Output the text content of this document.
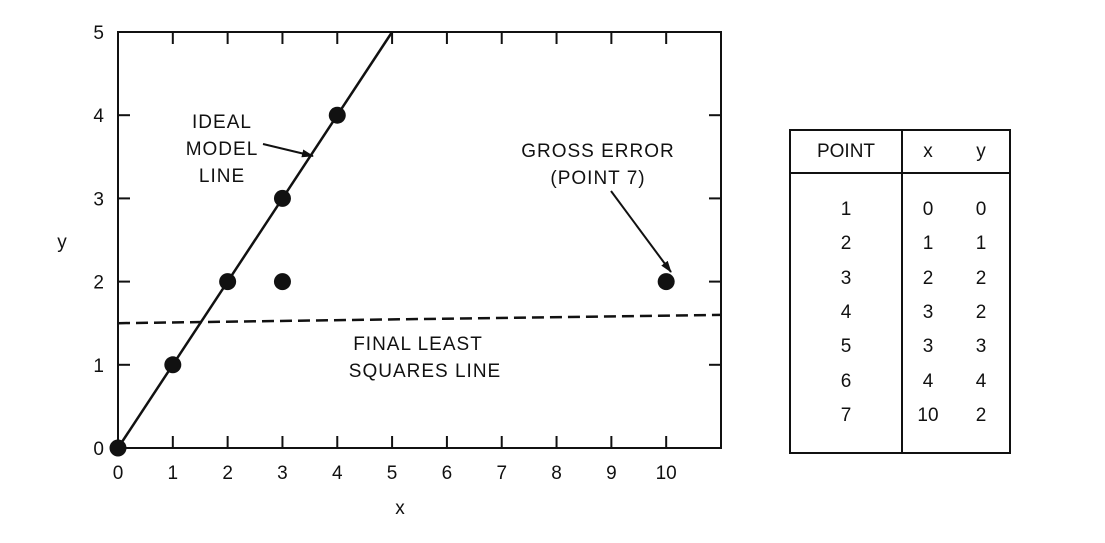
0 1 2 3 4 5 6 7 8 9 10
0
1
2
3
4
5
x
y
IDEAL
MODEL
LINE
GROSS ERROR
(POINT 7)
FINAL LEAST
SQUARES LINE
POINT	x	y
1	0	0
2	1	1
3	2	2
4	3	2
5	3	3
6	4	4
7	10	2
